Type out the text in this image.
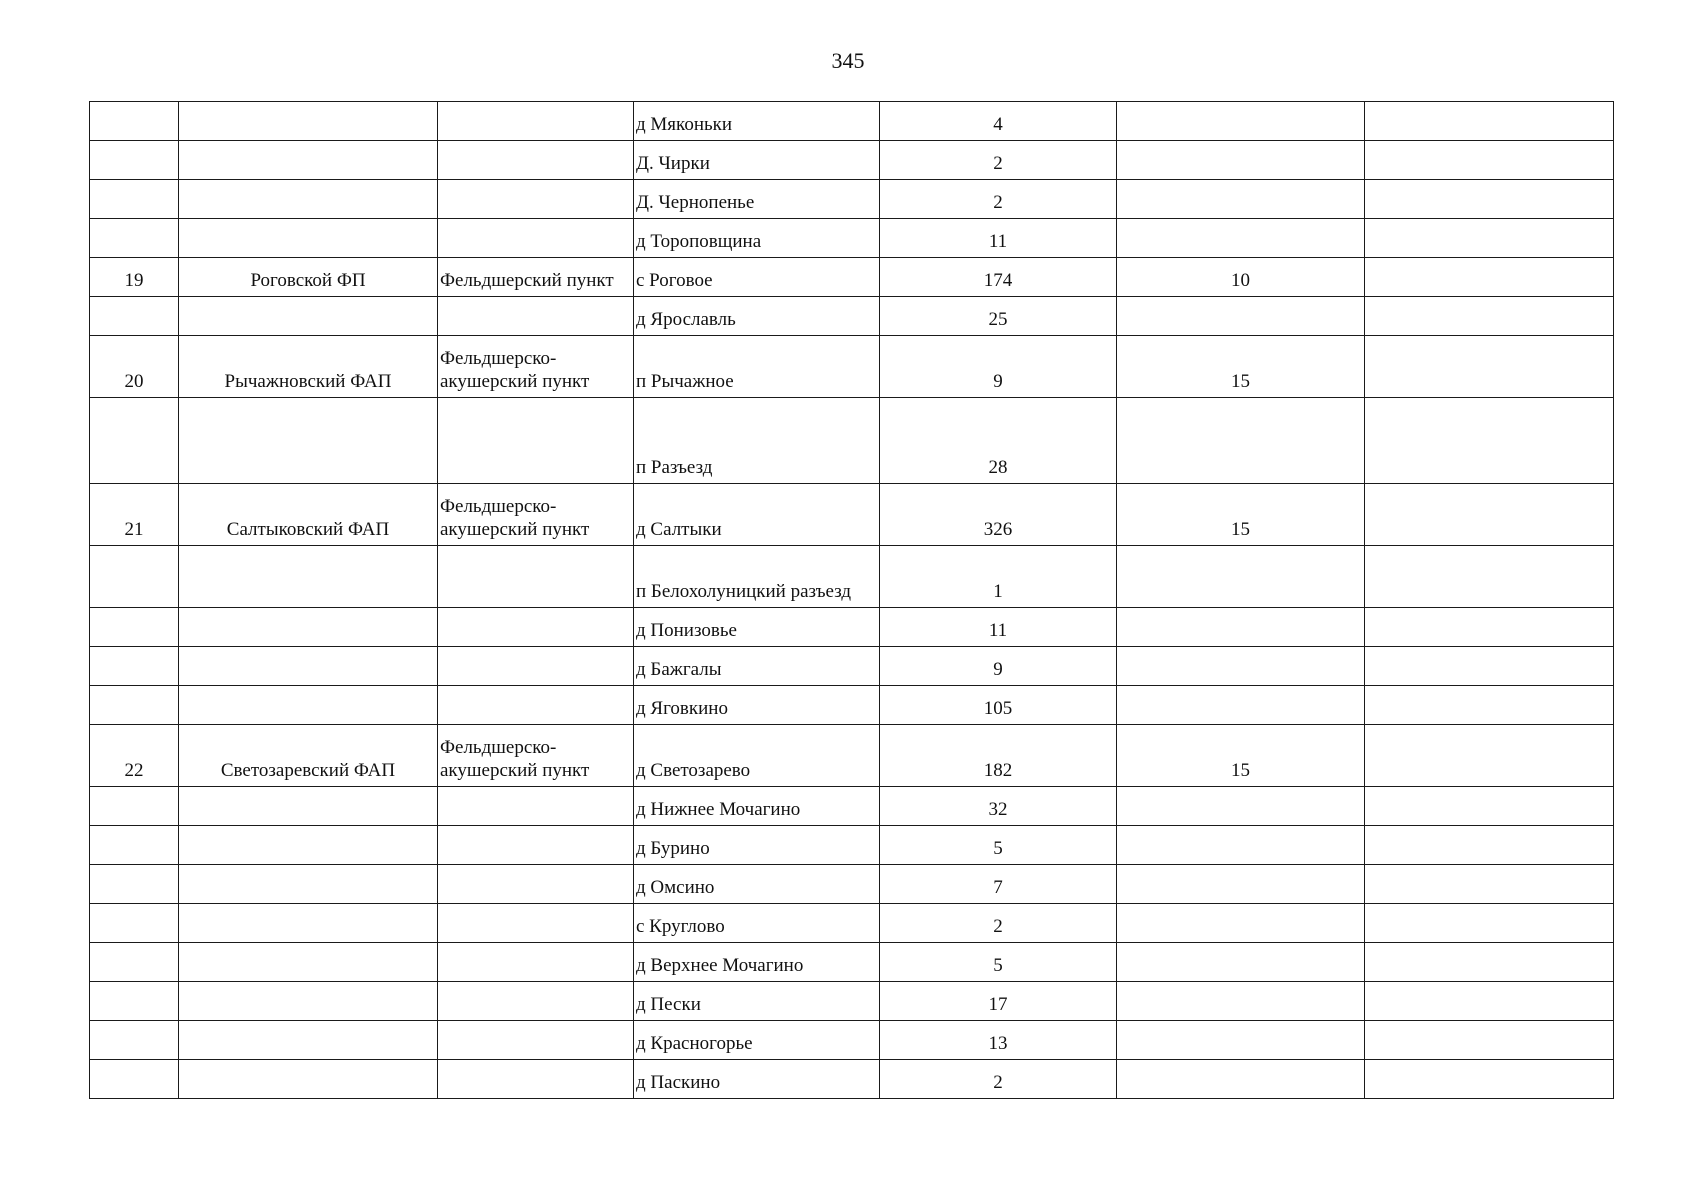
345
			д Мяконьки	4		
			Д. Чирки	2		
			Д. Чернопенье	2		
			д Тороповщина	11		
19	Роговской ФП	Фельдшерский пункт	с Роговое	174	10	
			д Ярославль	25		
20	Рычажновский ФАП	Фельдшерско-акушерский пункт	п Рычажное	9	15	
			п Разъезд	28		
21	Салтыковский ФАП	Фельдшерско-акушерский пункт	д Салтыки	326	15	
			п Белохолуницкий разъезд	1		
			д Понизовье	11		
			д Бажгалы	9		
			д Яговкино	105		
22	Светозаревский ФАП	Фельдшерско-акушерский пункт	д Светозарево	182	15	
			д Нижнее Мочагино	32		
			д Бурино	5		
			д Омсино	7		
			с Круглово	2		
			д Верхнее Мочагино	5		
			д Пески	17		
			д Красногорье	13		
			д Паскино	2		
